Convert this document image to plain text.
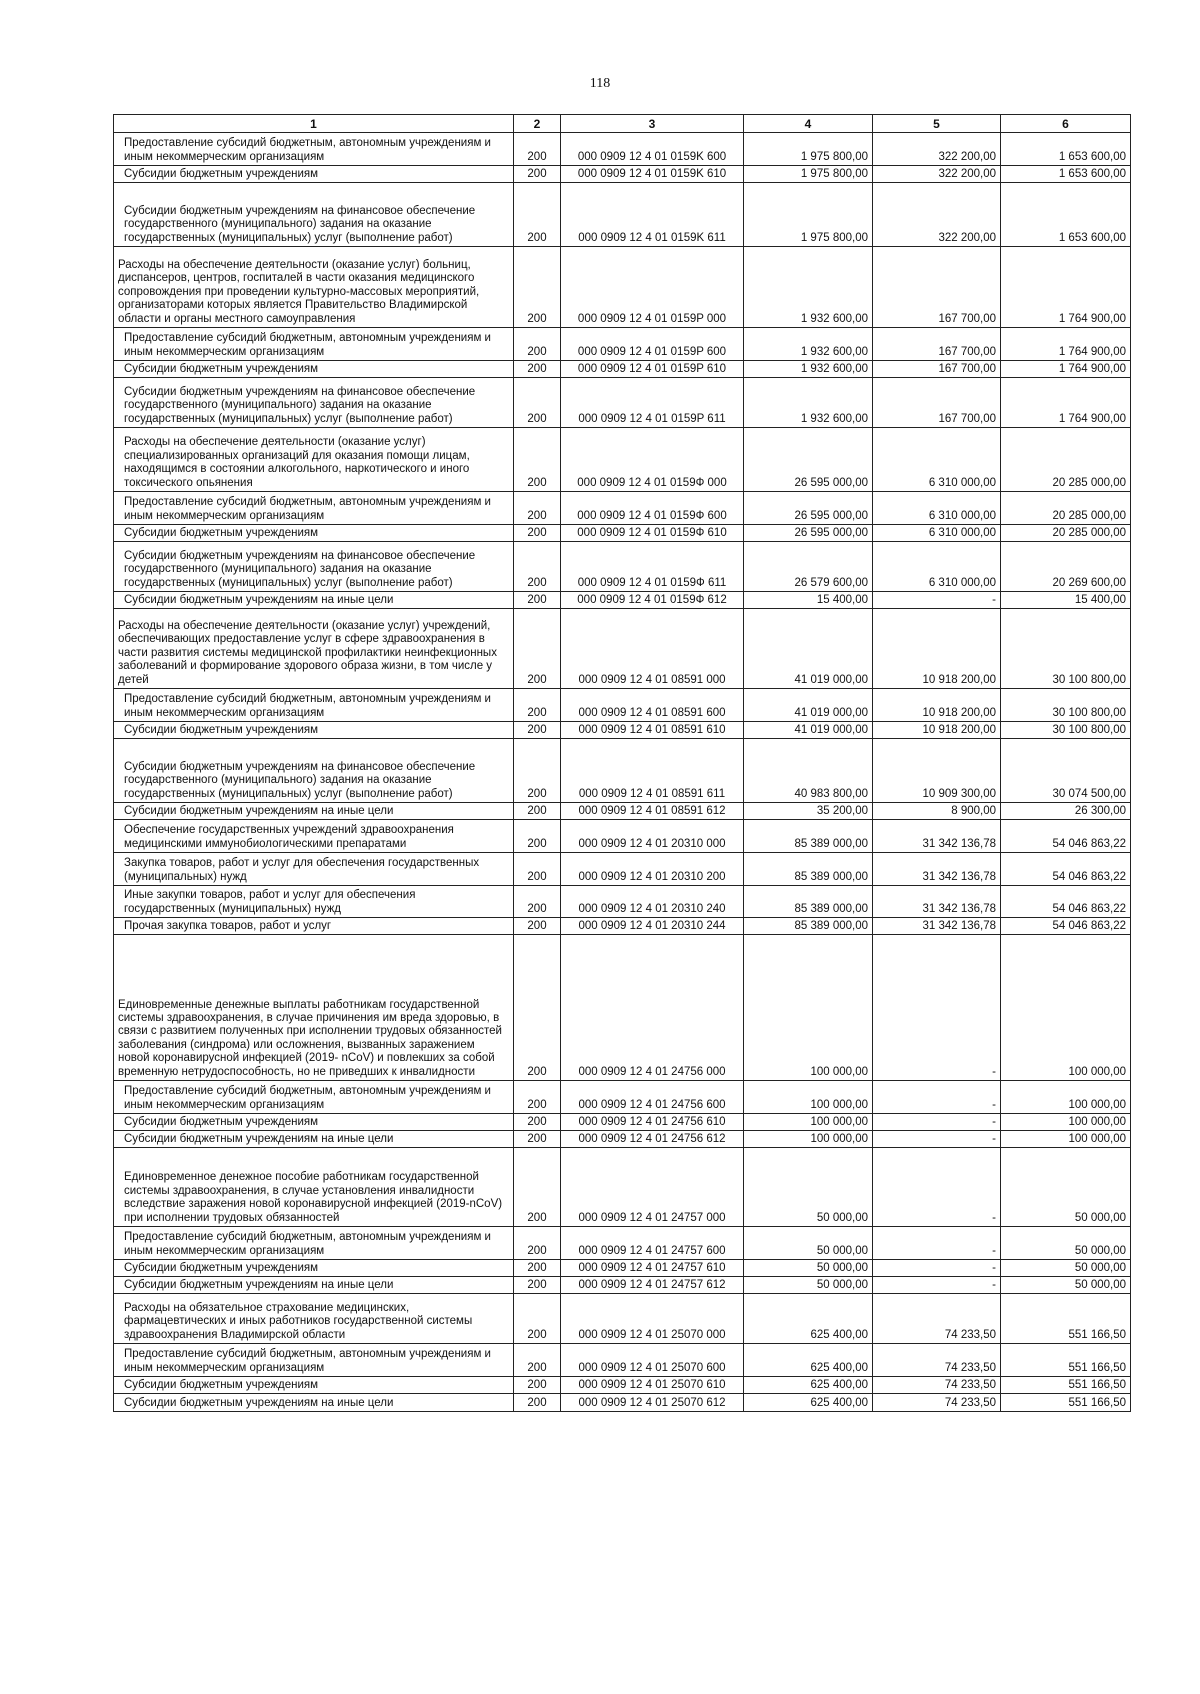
118
1	2	3	4	5	6
Предоставление субсидий бюджетным, автономным учреждениям и иным некоммерческим организациям	200	000 0909 12 4 01 0159K 600	1 975 800,00	322 200,00	1 653 600,00
Субсидии бюджетным учреждениям	200	000 0909 12 4 01 0159K 610	1 975 800,00	322 200,00	1 653 600,00
Субсидии бюджетным учреждениям на финансовое обеспечение государственного (муниципального) задания на оказание государственных (муниципальных) услуг (выполнение работ)	200	000 0909 12 4 01 0159K 611	1 975 800,00	322 200,00	1 653 600,00
Расходы на обеспечение деятельности (оказание услуг) больниц, диспансеров, центров, госпиталей в части оказания медицинского сопровождения при проведении культурно-массовых мероприятий, организаторами которых является Правительство Владимирской области и органы местного самоуправления	200	000 0909 12 4 01 0159P 000	1 932 600,00	167 700,00	1 764 900,00
Предоставление субсидий бюджетным, автономным учреждениям и иным некоммерческим организациям	200	000 0909 12 4 01 0159P 600	1 932 600,00	167 700,00	1 764 900,00
Субсидии бюджетным учреждениям	200	000 0909 12 4 01 0159P 610	1 932 600,00	167 700,00	1 764 900,00
Субсидии бюджетным учреждениям на финансовое обеспечение государственного (муниципального) задания на оказание государственных (муниципальных) услуг (выполнение работ)	200	000 0909 12 4 01 0159P 611	1 932 600,00	167 700,00	1 764 900,00
Расходы на обеспечение деятельности (оказание услуг) специализированных организаций для оказания помощи лицам, находящимся в состоянии алкогольного, наркотического и иного токсического опьянения	200	000 0909 12 4 01 0159Ф 000	26 595 000,00	6 310 000,00	20 285 000,00
Предоставление субсидий бюджетным, автономным учреждениям и иным некоммерческим организациям	200	000 0909 12 4 01 0159Ф 600	26 595 000,00	6 310 000,00	20 285 000,00
Субсидии бюджетным учреждениям	200	000 0909 12 4 01 0159Ф 610	26 595 000,00	6 310 000,00	20 285 000,00
Субсидии бюджетным учреждениям на финансовое обеспечение государственного (муниципального) задания на оказание государственных (муниципальных) услуг (выполнение работ)	200	000 0909 12 4 01 0159Ф 611	26 579 600,00	6 310 000,00	20 269 600,00
Субсидии бюджетным учреждениям на иные цели	200	000 0909 12 4 01 0159Ф 612	15 400,00	-	15 400,00
Расходы на обеспечение деятельности (оказание услуг) учреждений, обеспечивающих предоставление услуг в сфере здравоохранения в части развития системы медицинской профилактики неинфекционных заболеваний и формирование здорового образа жизни, в том числе у детей	200	000 0909 12 4 01 08591 000	41 019 000,00	10 918 200,00	30 100 800,00
Предоставление субсидий бюджетным, автономным учреждениям и иным некоммерческим организациям	200	000 0909 12 4 01 08591 600	41 019 000,00	10 918 200,00	30 100 800,00
Субсидии бюджетным учреждениям	200	000 0909 12 4 01 08591 610	41 019 000,00	10 918 200,00	30 100 800,00
Субсидии бюджетным учреждениям на финансовое обеспечение государственного (муниципального) задания на оказание государственных (муниципальных) услуг (выполнение работ)	200	000 0909 12 4 01 08591 611	40 983 800,00	10 909 300,00	30 074 500,00
Субсидии бюджетным учреждениям на иные цели	200	000 0909 12 4 01 08591 612	35 200,00	8 900,00	26 300,00
Обеспечение государственных учреждений здравоохранения медицинскими иммунобиологическими препаратами	200	000 0909 12 4 01 20310 000	85 389 000,00	31 342 136,78	54 046 863,22
Закупка товаров, работ и услуг для обеспечения государственных (муниципальных) нужд	200	000 0909 12 4 01 20310 200	85 389 000,00	31 342 136,78	54 046 863,22
Иные закупки товаров, работ и услуг для обеспечения государственных (муниципальных) нужд	200	000 0909 12 4 01 20310 240	85 389 000,00	31 342 136,78	54 046 863,22
Прочая закупка товаров, работ и услуг	200	000 0909 12 4 01 20310 244	85 389 000,00	31 342 136,78	54 046 863,22
Единовременные денежные выплаты работникам государственной системы здравоохранения, в случае причинения им вреда здоровью, в связи с развитием полученных при исполнении трудовых обязанностей заболевания (синдрома) или осложнения, вызванных заражением новой коронавирусной инфекцией (2019- nCoV) и повлекших за собой временную нетрудоспособность, но не приведших к инвалидности	200	000 0909 12 4 01 24756 000	100 000,00	-	100 000,00
Предоставление субсидий бюджетным, автономным учреждениям и иным некоммерческим организациям	200	000 0909 12 4 01 24756 600	100 000,00	-	100 000,00
Субсидии бюджетным учреждениям	200	000 0909 12 4 01 24756 610	100 000,00	-	100 000,00
Субсидии бюджетным учреждениям на иные цели	200	000 0909 12 4 01 24756 612	100 000,00	-	100 000,00
Единовременное денежное пособие работникам государственной системы здравоохранения, в случае установления инвалидности вследствие заражения новой коронавирусной инфекцией (2019-nCoV) при исполнении трудовых обязанностей	200	000 0909 12 4 01 24757 000	50 000,00	-	50 000,00
Предоставление субсидий бюджетным, автономным учреждениям и иным некоммерческим организациям	200	000 0909 12 4 01 24757 600	50 000,00	-	50 000,00
Субсидии бюджетным учреждениям	200	000 0909 12 4 01 24757 610	50 000,00	-	50 000,00
Субсидии бюджетным учреждениям на иные цели	200	000 0909 12 4 01 24757 612	50 000,00	-	50 000,00
Расходы на обязательное страхование медицинских, фармацевтических и иных работников государственной системы здравоохранения Владимирской области	200	000 0909 12 4 01 25070 000	625 400,00	74 233,50	551 166,50
Предоставление субсидий бюджетным, автономным учреждениям и иным некоммерческим организациям	200	000 0909 12 4 01 25070 600	625 400,00	74 233,50	551 166,50
Субсидии бюджетным учреждениям	200	000 0909 12 4 01 25070 610	625 400,00	74 233,50	551 166,50
Субсидии бюджетным учреждениям на иные цели	200	000 0909 12 4 01 25070 612	625 400,00	74 233,50	551 166,50
